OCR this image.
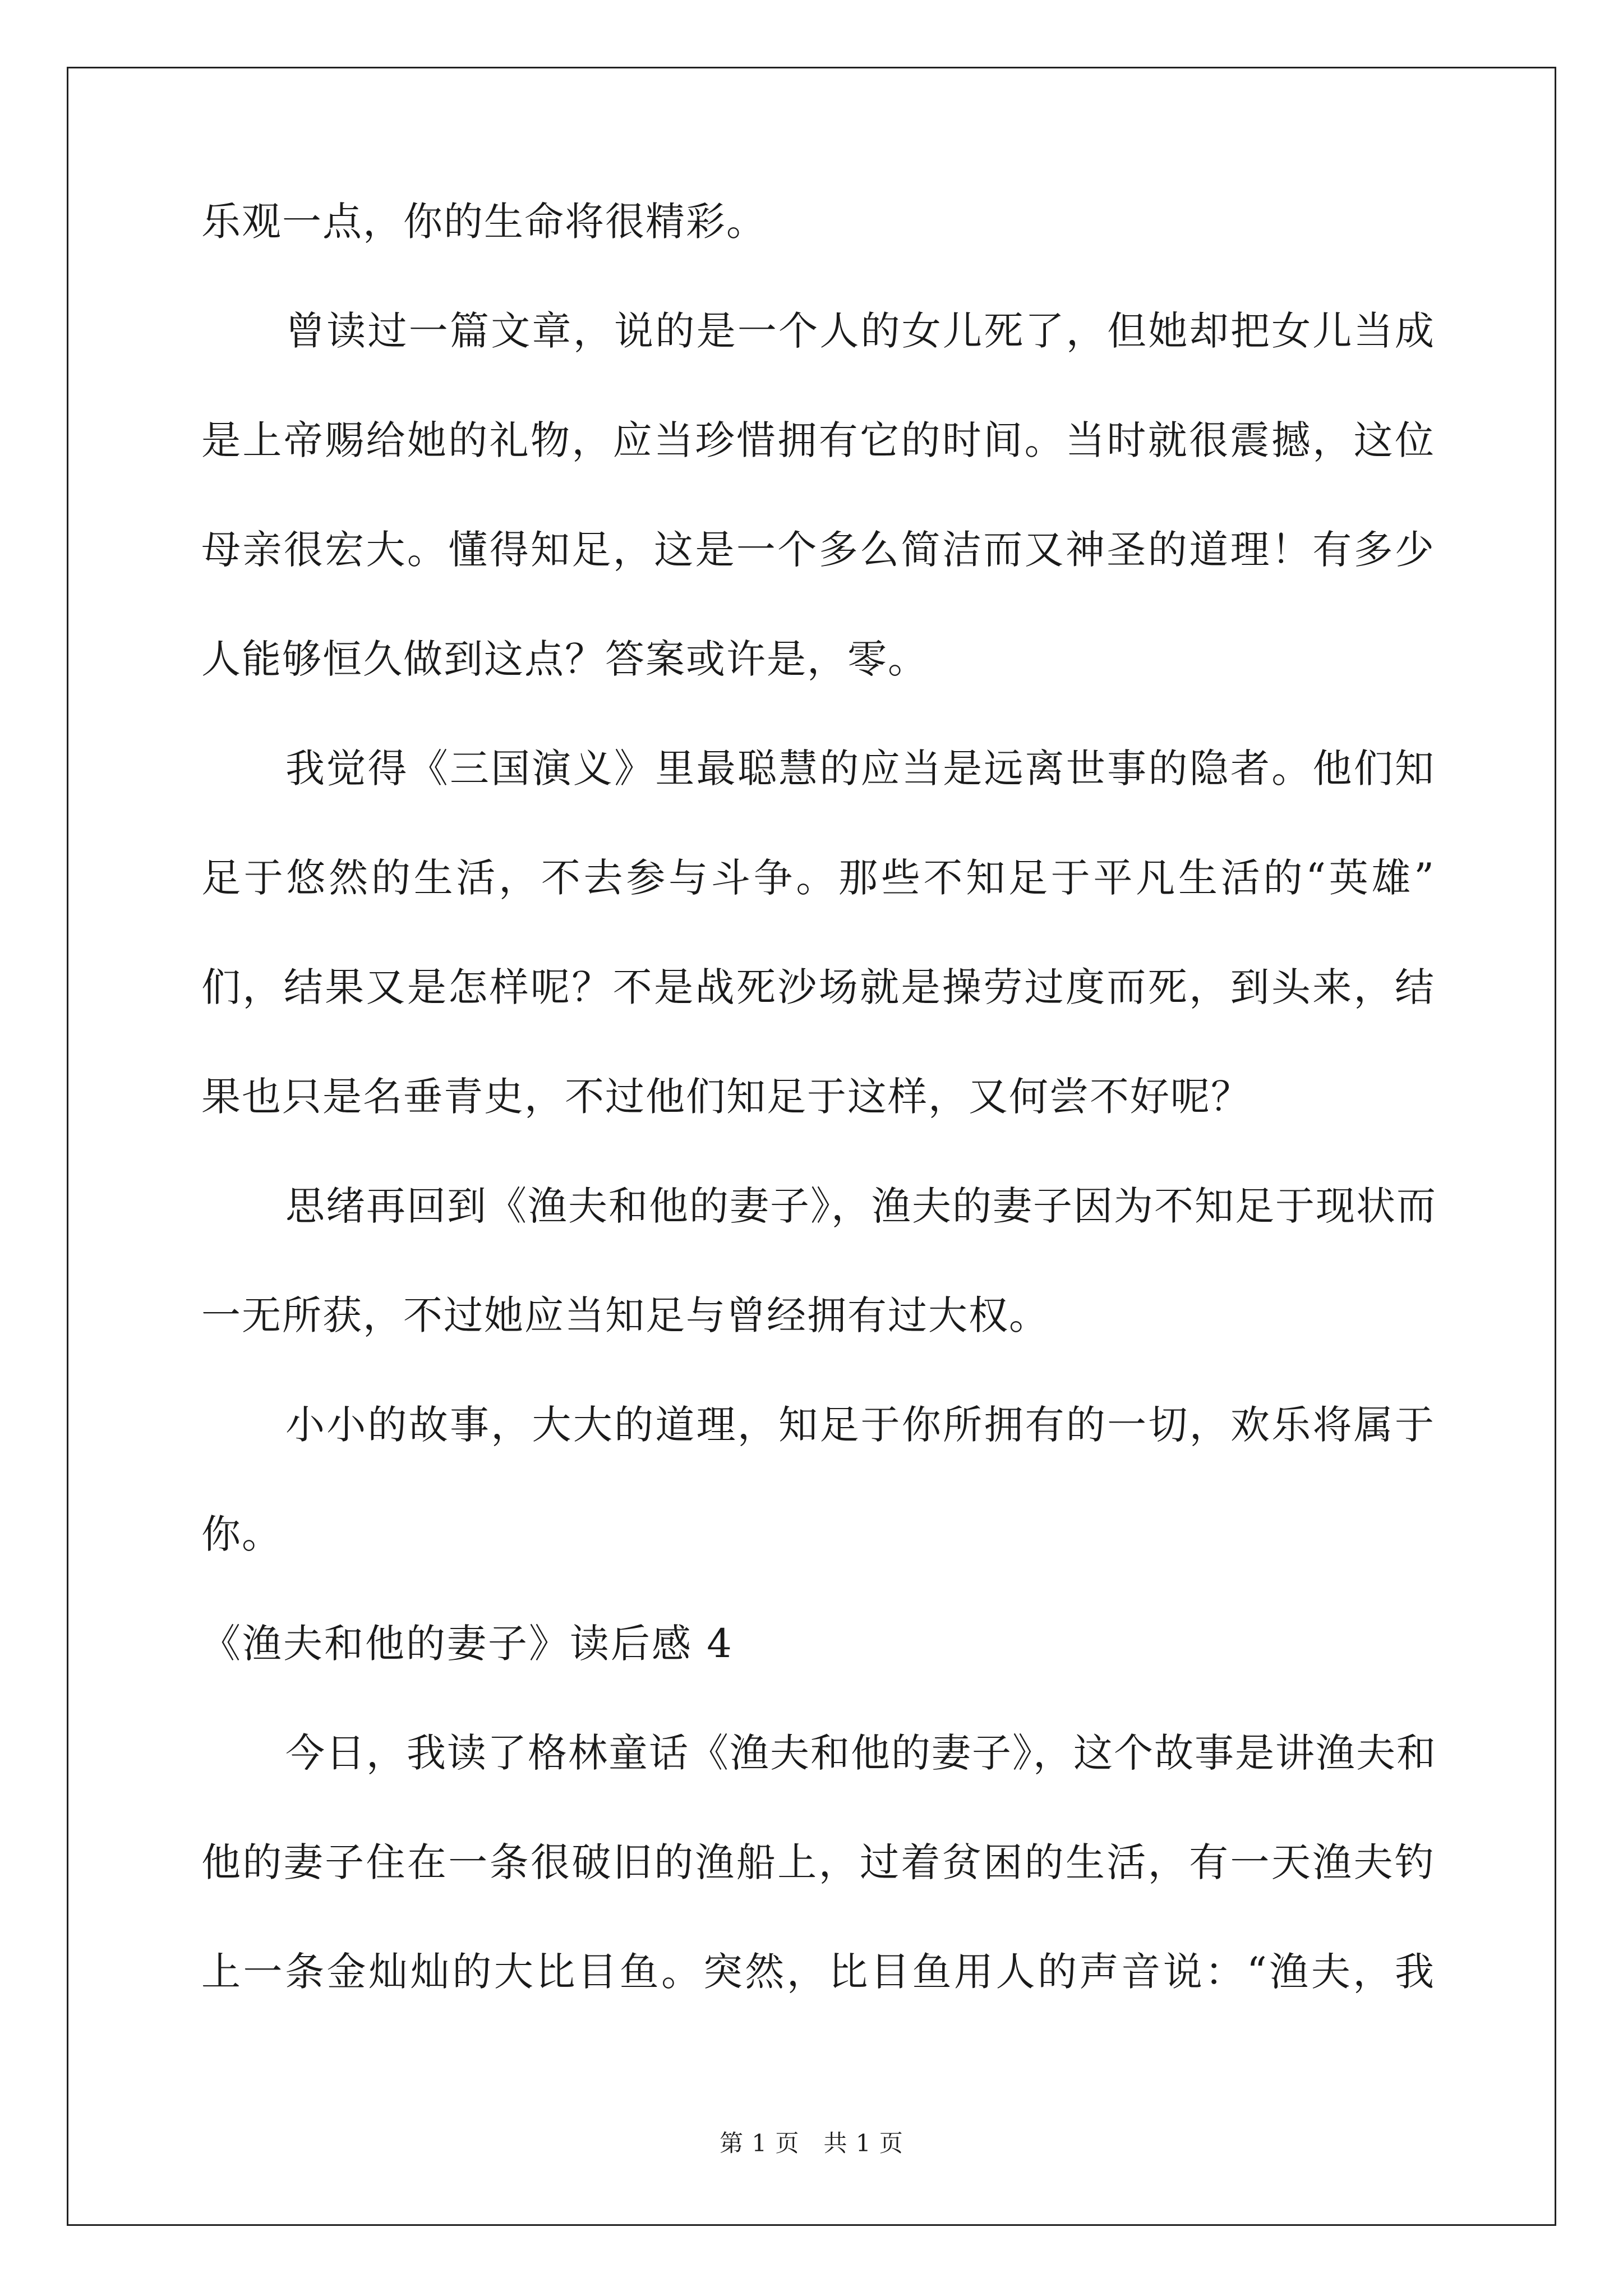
乐观一点，你的生命将很精彩。
曾读过一篇文章，说的是一个人的女儿死了，但她却把女儿当成
是上帝赐给她的礼物，应当珍惜拥有它的时间。当时就很震撼，这位
母亲很宏大。懂得知足，这是一个多么简洁而又神圣的道理！有多少
人能够恒久做到这点？答案或许是，零。
我觉得《三国演义》里最聪慧的应当是远离世事的隐者。他们知
足于悠然的生活，不去参与斗争。那些不知足于平凡生活的“英雄”
们，结果又是怎样呢？不是战死沙场就是操劳过度而死，到头来，结
果也只是名垂青史，不过他们知足于这样，又何尝不好呢？
思绪再回到《渔夫和他的妻子》，渔夫的妻子因为不知足于现状而
一无所获，不过她应当知足与曾经拥有过大权。
小小的故事，大大的道理，知足于你所拥有的一切，欢乐将属于
你。
《渔夫和他的妻子》读后感 4
今日，我读了格林童话《渔夫和他的妻子》，这个故事是讲渔夫和
他的妻子住在一条很破旧的渔船上，过着贫困的生活，有一天渔夫钓
上一条金灿灿的大比目鱼。突然，比目鱼用人的声音说：“渔夫，我
第 1 页　共 1 页
